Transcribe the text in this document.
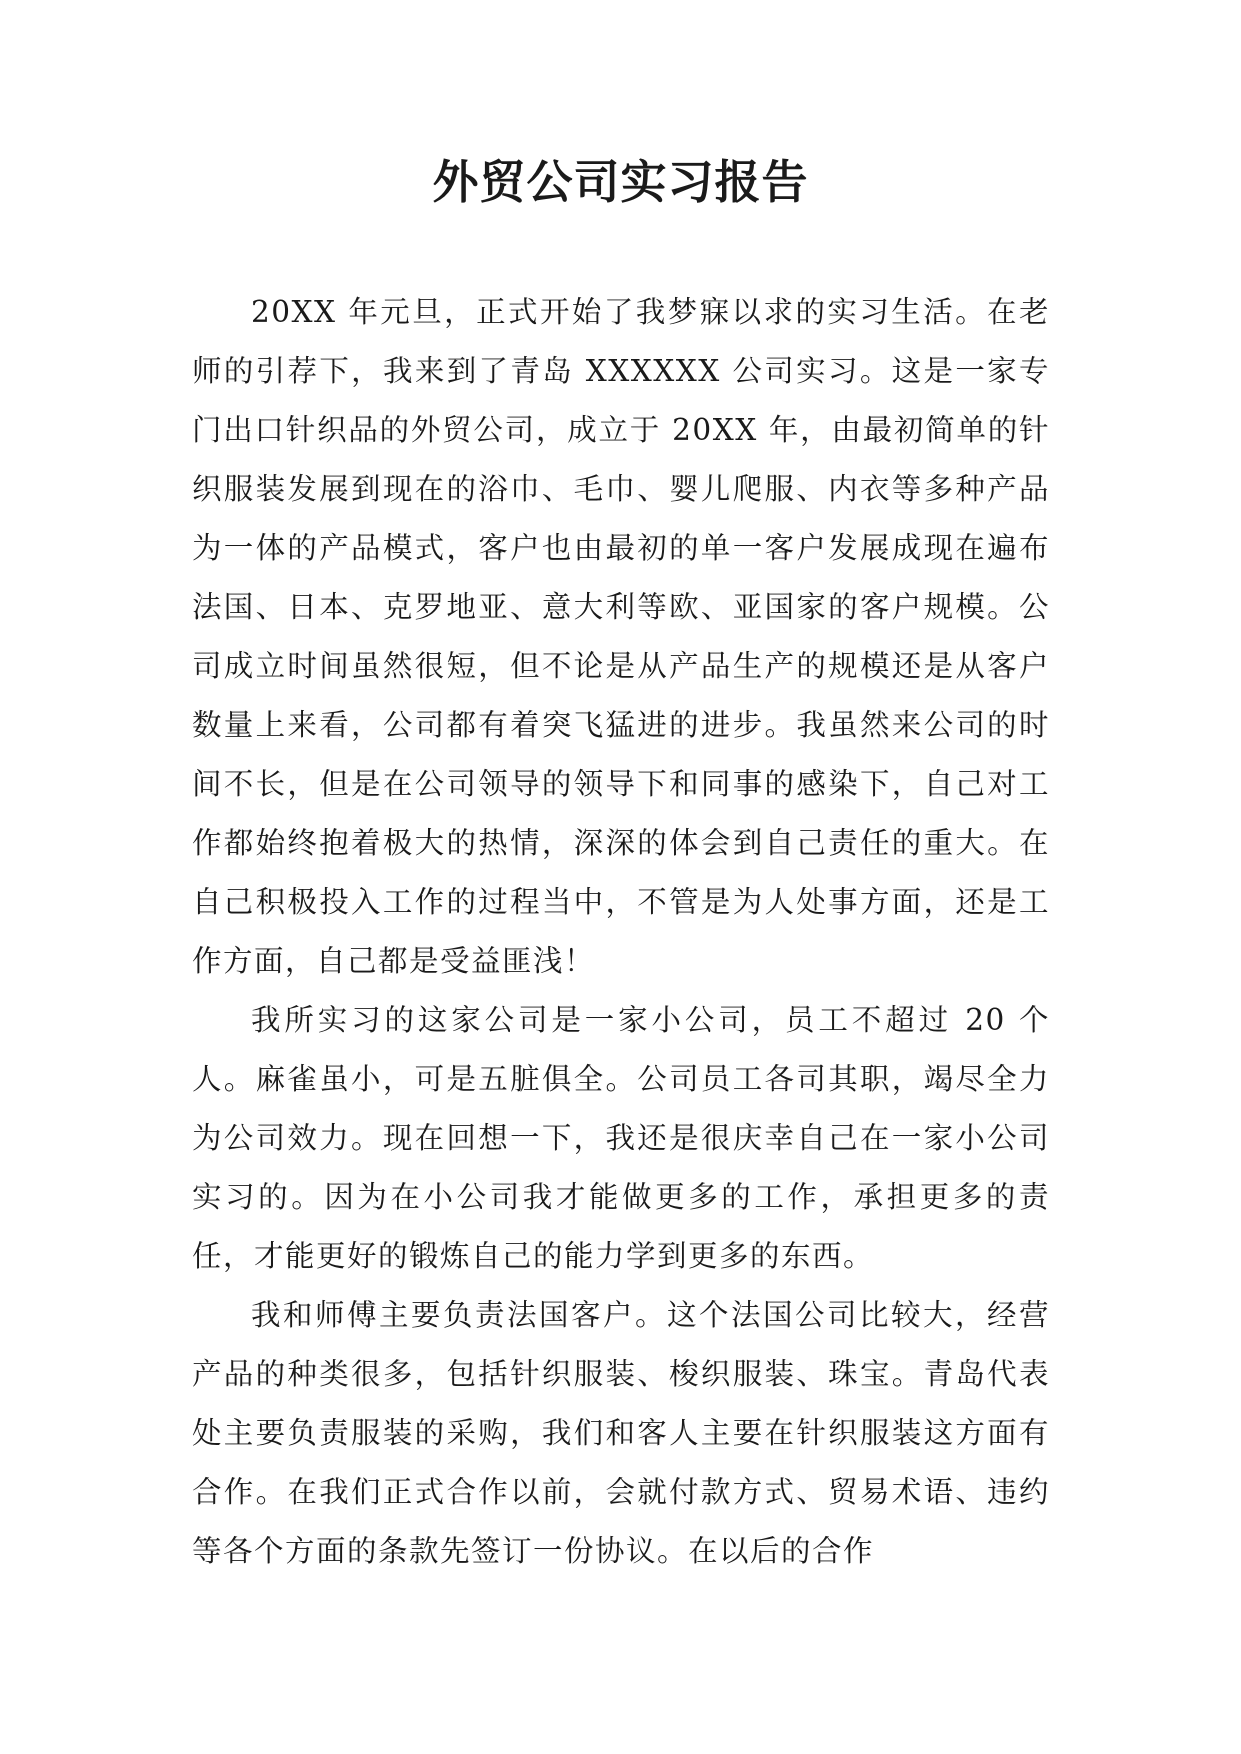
外贸公司实习报告

20XX 年元旦，正式开始了我梦寐以求的实习生活。在老师的引荐下，我来到了青岛 XXXXXX 公司实习。这是一家专门出口针织品的外贸公司，成立于 20XX 年，由最初简单的针织服装发展到现在的浴巾、毛巾、婴儿爬服、内衣等多种产品为一体的产品模式，客户也由最初的单一客户发展成现在遍布法国、日本、克罗地亚、意大利等欧、亚国家的客户规模。公司成立时间虽然很短，但不论是从产品生产的规模还是从客户数量上来看，公司都有着突飞猛进的进步。我虽然来公司的时间不长，但是在公司领导的领导下和同事的感染下，自己对工作都始终抱着极大的热情，深深的体会到自己责任的重大。在自己积极投入工作的过程当中，不管是为人处事方面，还是工作方面，自己都是受益匪浅！

我所实习的这家公司是一家小公司，员工不超过 20 个人。麻雀虽小，可是五脏俱全。公司员工各司其职，竭尽全力为公司效力。现在回想一下，我还是很庆幸自己在一家小公司实习的。因为在小公司我才能做更多的工作，承担更多的责任，才能更好的锻炼自己的能力学到更多的东西。

我和师傅主要负责法国客户。这个法国公司比较大，经营产品的种类很多，包括针织服装、梭织服装、珠宝。青岛代表处主要负责服装的采购，我们和客人主要在针织服装这方面有合作。在我们正式合作以前，会就付款方式、贸易术语、违约等各个方面的条款先签订一份协议。在以后的合作
